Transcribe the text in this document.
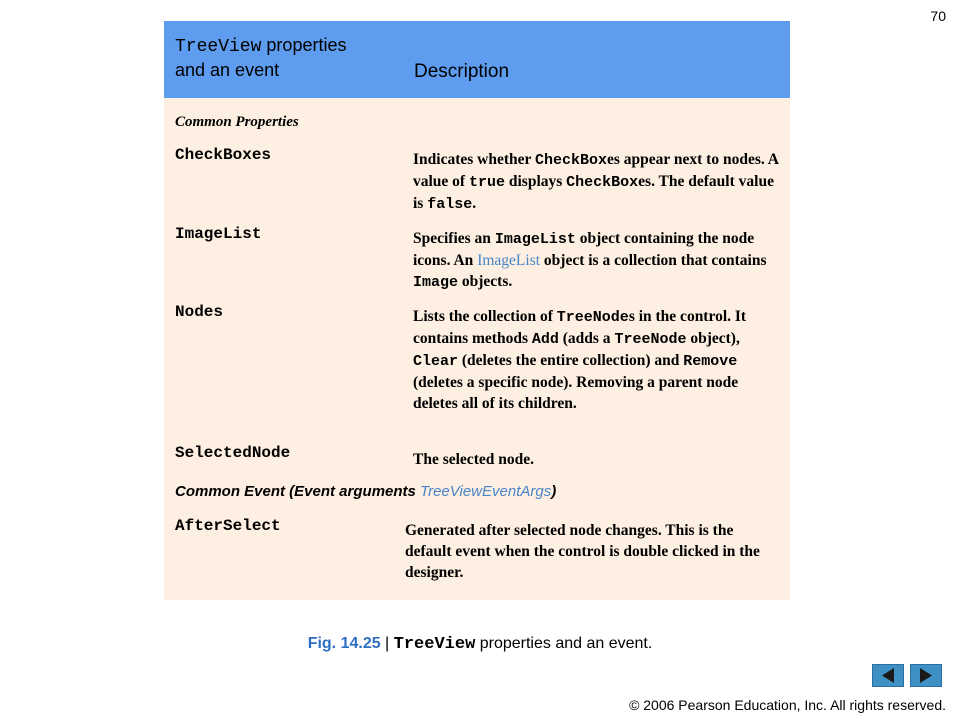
70
TreeView properties
and an event	Description
Common Properties
CheckBoxes	Indicates whether CheckBoxes appear next to nodes. A value of true displays CheckBoxes. The default value is false.
ImageList	Specifies an ImageList object containing the node icons. An ImageList object is a collection that contains Image objects.
Nodes	Lists the collection of TreeNodes in the control. It contains methods Add (adds a TreeNode object), Clear (deletes the entire collection) and Remove (deletes a specific node). Removing a parent node deletes all of its children.
SelectedNode	The selected node.
Common Event (Event arguments TreeViewEventArgs)
AfterSelect	Generated after selected node changes. This is the default event when the control is double clicked in the designer.
Fig. 14.25 | TreeView properties and an event.
© 2006 Pearson Education, Inc. All rights reserved.
